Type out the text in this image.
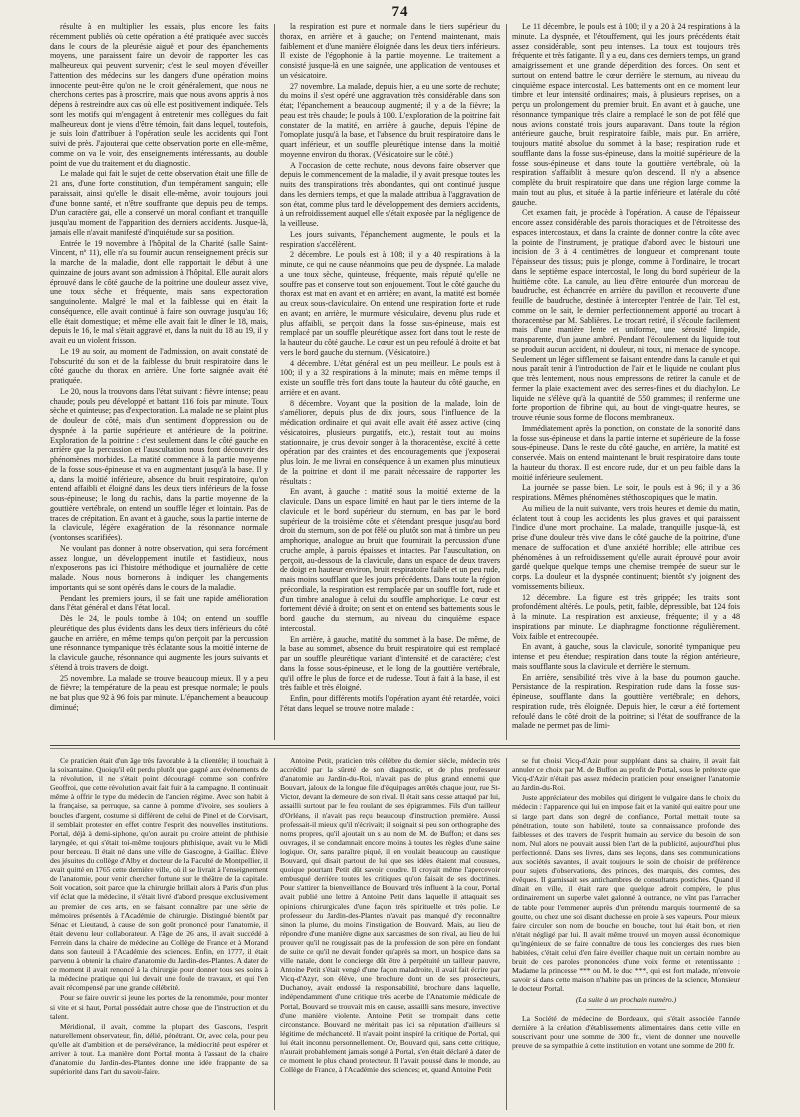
74

résulte à en multiplier les essais, plus encore les faits récemment publiés où cette opération a été pratiquée avec succès dans le cours de la pleurésie aiguë et pour des épanchements moyens, une paraissent faire un devoir de rapporter les cas malheureux qui peuvent survenir; c'est le seul moyen d'éveiller l'attention des médecins sur les dangers d'une opération moins innocente peut-être qu'on ne le croit généralement, que nous ne cherchons certes pas à proscrire, mais que nous avons appris à nos dépens à restreindre aux cas où elle est positivement indiquée. Tels sont les motifs qui m'engagent à entretenir mes collègues du fait malheureux dont je viens d'être témoin, fait dans lequel, toutefois, je suis loin d'attribuer à l'opération seule les accidents qui l'ont suivi de près. J'ajouterai que cette observation porte en elle-même, comme on va le voir, des enseignements intéressants, au double point de vue du traitement et du diagnostic.

Le malade qui fait le sujet de cette observation était une fille de 21 ans, d'une forte constitution, d'un tempérament sanguin; elle paraissait, ainsi qu'elle le disait elle-même, avoir toujours joui d'une bonne santé, et n'être souffrante que depuis peu de temps. D'un caractère gai, elle a conservé un moral confiant et tranquille jusqu'au moment de l'apparition des derniers accidents. Jusque-là, jamais elle n'avait manifesté d'inquiétude sur sa position.

Entrée le 19 novembre à l'hôpital de la Charité (salle Saint-Vincent, nº 11), elle n'a su fournir aucun renseignement précis sur la marche de la maladie, dont elle rapportait le début à une quinzaine de jours avant son admission à l'hôpital. Elle aurait alors éprouvé dans le côté gauche de la poitrine une douleur assez vive, une toux sèche et fréquente, mais sans expectoration sanguinolente. Malgré le mal et la faiblesse qui en était la conséquence, elle avait continué à faire son ouvrage jusqu'au 16; elle était domestique; et même elle avait fait le dîner le 18, mais, depuis le 16, le mal s'était aggravé et, dans la nuit du 18 au 19, il y avait eu un violent frisson.

Le 19 au soir, au moment de l'admission, on avait constaté de l'obscurité du son et de la faiblesse du bruit respiratoire dans le côté gauche du thorax en arrière. Une forte saignée avait été pratiquée.

Le 20, nous la trouvons dans l'état suivant : fièvre intense; peau chaude; pouls peu développé et battant 116 fois par minute. Toux sèche et quinteuse; pas d'expectoration. La malade ne se plaint plus de douleur de côté, mais d'un sentiment d'oppression ou de dyspnée à la partie supérieure et antérieure de la poitrine. Exploration de la poitrine : c'est seulement dans le côté gauche en arrière que la percussion et l'auscultation nous font découvrir des phénomènes morbides. La matité commence à la partie moyenne de la fosse sous-épineuse et va en augmentant jusqu'à la base. Il y a, dans la moitié inférieure, absence du bruit respiratoire, qu'on entend affaibli et éloigné dans les deux tiers inférieurs de la fosse sous-épineuse; le long du rachis, dans la partie moyenne de la gouttière vertébrale, on entend un souffle léger et lointain. Pas de traces de crépitation. En avant et à gauche, sous la partie interne de la clavicule, légère exagération de la résonnance normale (vontonses scarifiées).

Ne voulant pas donner à notre observation, qui sera forcément assez longue, un développement inutile et fastidieux, nous n'exposerons pas ici l'histoire méthodique et journalière de cette malade. Nous nous bornerons à indiquer les changements importants qui se sont opérés dans le cours de la maladie.

Pendant les premiers jours, il se fait une rapide amélioration dans l'état général et dans l'état local.

Dès le 24, le pouls tombe à 104; on entend un souffle pleurétique des plus évidents dans les deux tiers inférieurs du côté gauche en arrière, en même temps qu'on perçoit par la percussion une résonnance tympanique très éclatante sous la moitié interne de la clavicule gauche, résonnance qui augmente les jours suivants et s'étend à trois travers de doigt.

25 novembre. La malade se trouve beaucoup mieux. Il y a peu de fièvre; la température de la peau est presque normale; le pouls ne bat plus que 92 à 96 fois par minute. L'épanchement a beaucoup diminué;

la respiration est pure et normale dans le tiers supérieur du thorax, en arrière et à gauche; on l'entend maintenant, mais faiblement et d'une manière éloignée dans les deux tiers inférieurs. Il existe de l'égophonie à la partie moyenne. Le traitement a consisté jusque-là en une saignée, une application de ventouses et un vésicatoire.

27 novembre. La malade, depuis hier, a eu une sorte de rechute; du moins il s'est opéré une aggravation très considérable dans son état; l'épanchement a beaucoup augmenté; il y a de la fièvre; la peau est très chaude; le pouls à 100. L'exploration de la poitrine fait constater de la matité, en arrière à gauche, depuis l'épine de l'omoplate jusqu'à la base, et l'absence du bruit respiratoire dans le quart inférieur, et un souffle pleurétique intense dans la moitié moyenne environ du thorax. (Vésicatoire sur le côté.)

A l'occasion de cette rechute, nous devons faire observer que depuis le commencement de la maladie, il y avait presque toutes les nuits des transpirations très abondantes, qui ont continué jusque dans les derniers temps, et que la malade attribua à l'aggravation de son état, comme plus tard le développement des derniers accidents, à un refroidissement auquel elle s'était exposée par la négligence de la veilleuse.

Les jours suivants, l'épanchement augmente, le pouls et la respiration s'accélèrent.

2 décembre. Le pouls est à 108; il y a 40 respirations à la minute, ce qui ne cause néanmoins que peu de dyspnée. La malade a une toux sèche, quinteuse, fréquente, mais réputé qu'elle ne souffre pas et conserve tout son enjouement. Tout le côté gauche du thorax est mat en avant et en arrière; en avant, la matité est bornée au creux sous-claviculaire. On entend une respiration forte et rude en avant; en arrière, le murmure vésiculaire, devenu plus rude et plus affaibli, se perçoit dans la fosse sus-épineuse, mais est remplacé par un souffle pleurétique assez fort dans tout le reste de la hauteur du côté gauche. Le cœur est un peu refoulé à droite et bat vers le bord gauche du sternum. (Vésicatoire.)

4 décembre. L'état général est un peu meilleur. Le pouls est à 100; il y a 32 respirations à la minute; mais en même temps il existe un souffle très fort dans toute la hauteur du côté gauche, en arrière et en avant.

8 décembre. Voyant que la position de la malade, loin de s'améliorer, depuis plus de dix jours, sous l'influence de la médication ordinaire et qui avait elle avait été assez active (cinq vésicatoires, plusieurs purgatifs, etc.), restait tout au moins stationnaire, je crus devoir songer à la thoracentèse, excité à cette opération par des craintes et des encouragements que j'exposerai plus loin. Je me livrai en conséquence à un examen plus minutieux de la poitrine et dont il me parait nécessaire de rapporter les résultats :

En avant, à gauche : matité sous la moitié externe de la clavicule. Dans un espace limité en haut par le tiers interne de la clavicule et le bord supérieur du sternum, en bas par le bord supérieur de la troisième côte et s'étendant presque jusqu'au bord droit du sternum, son de pot fêlé ou plutôt son mat à timbre un peu amphorique, analogue au bruit que fournirait la percussion d'une cruche ample, à parois épaisses et intactes. Par l'auscultation, on perçoit, au-dessous de la clavicule, dans un espace de deux travers de doigt en hauteur environ, bruit respiratoire faible et un peu rude, mais moins soufflant que les jours précédents. Dans toute la région précordiale, la respiration est remplacée par un souffle fort, rude et d'un timbre analogue à celui du souffle amphorique. Le cœur est fortement dévié à droite; on sent et on entend ses battements sous le bord gauche du sternum, au niveau du cinquième espace intercostal.

En arrière, à gauche, matité du sommet à la base. De même, de la base au sommet, absence du bruit respiratoire qui est remplacé par un souffle pleurétique variant d'intensité et de caractère; c'est dans la fosse sous-épineuse, et le long de la gouttière vertébrale, qu'il offre le plus de force et de rudesse. Tout à fait à la base, il est très faible et très éloigné.

Enfin, pour différents motifs l'opération ayant été retardée, voici l'état dans lequel se trouve notre malade :

Le 11 décembre, le pouls est à 100; il y a 20 à 24 respirations à la minute. La dyspnée, et l'étouffement, qui les jours précédents était assez considérable, sont peu intenses. La toux est toujours très fréquente et très fatigante. Il y a eu, dans ces derniers temps, un grand amaigrissement et une grande déperdition des forces. On sent et surtout on entend battre le cœur derrière le sternum, au niveau du cinquième espace intercostal. Les battements ont en ce moment leur timbre et leur intensité ordinaires; mais, à plusieurs reprises, on a perçu un prolongement du premier bruit. En avant et à gauche, une résonnance tympanique très claire a remplacé le son de pot fêlé que nous avions constaté trois jours auparavant. Dans toute la région antérieure gauche, bruit respiratoire faible, mais pur. En arrière, toujours matité absolue du sommet à la base; respiration rude et soufflante dans la fosse sus-épineuse, dans la moitié supérieure de la fosse sous-épineuse et dans toute la gouttière vertébrale, où la respiration s'affaiblit à mesure qu'on descend. Il n'y a absence complète du bruit respiratoire que dans une région large comme la main tout au plus, et située à la partie inférieure et latérale du côté gauche.

Cet examen fait, je procède à l'opération. A cause de l'épaisseur encore assez considérable des parois thoraciques et de l'étroitesse des espaces intercostaux, et dans la crainte de donner contre la côte avec la pointe de l'instrument, je pratique d'abord avec le bistouri une incision de 3 à 4 centimètres de longueur et comprenant toute l'épaisseur des tissus; puis je plonge, comme à l'ordinaire, le trocart dans le septième espace intercostal, le long du bord supérieur de la huitième côte. La canule, au lieu d'être entourée d'un morceau de baudruche, est échancrée en arrière du pavillon et recouverte d'une feuille de baudruche, destinée à intercepter l'entrée de l'air. Tel est, comme on le sait, le dernier perfectionnement apporté au trocart à thoracentèse par M. Sablières. Le trocart retiré, il s'écoule facilement mais d'une manière lente et uniforme, une sérosité limpide, transparente, d'un jaune ambré. Pendant l'écoulement du liquide tout se produit aucun accident, ni douleur, ni toux, ni menace de syncope. Seulement un léger sifflement se faisant entendre dans la canule et qui nous paraît tenir à l'introduction de l'air et le liquide ne coulant plus que très lentement, nous nous empressons de retirer la canule et de fermer la plaie exactement avec des serres-fines et du diachylon. Le liquide ne s'élève qu'à la quantité de 550 grammes; il renferme une forte proportion de fibrine qui, au bout de vingt-quatre heures, se trouve réunie sous forme de flocons membraneux.

Immédiatement après la ponction, on constate de la sonorité dans la fosse sus-épineuse et dans la partie interne et supérieure de la fosse sous-épineuse. Dans le reste du côté gauche, en arrière, la matité est conservée. Mais on entend maintenant le bruit respiratoire dans toute la hauteur du thorax. Il est encore rude, dur et un peu faible dans la moitié inférieure seulement.

La journée se passe bien. Le soir, le pouls est à 96; il y a 36 respirations. Mêmes phénomènes stéthoscopiques que le matin.

Au milieu de la nuit suivante, vers trois heures et demie du matin, éclatent tout à coup les accidents les plus graves et qui paraissent l'indice d'une mort prochaine. La malade, tranquille jusque-là, est prise d'une douleur très vive dans le côté gauche de la poitrine, d'une menace de suffocation et d'une anxiété horrible; elle attribue ces phénomènes à un refroidissement qu'elle aurait éprouvé pour avoir gardé quelque quelque temps une chemise trempée de sueur sur le corps. La douleur et la dyspnée continuent; bientôt s'y joignent des vomissements bilieux.

12 décembre. La figure est très grippée; les traits sont profondément altérés. Le pouls, petit, faible, dépressible, bat 124 fois à la minute. La respiration est anxieuse, fréquente; il y a 48 inspirations par minute. Le diaphragme fonctionne régulièrement. Voix faible et entrecoupée.

En avant, à gauche, sous la clavicule, sonorité tympanique peu intense et peu étendue; respiration dans toute la région antérieure, mais soufflante sous la clavicule et derrière le sternum.

En arrière, sensibilité très vive à la base du poumon gauche. Persistance de la respiration. Respiration rude dans la fosse sus-épineuse, soufflante dans la gouttière vertébrale; en dehors, respiration rude, très éloignée. Depuis hier, le cœur a été fortement refoulé dans le côté droit de la poitrine; si l'état de souffrance de la malade ne permet pas de limi-

Ce praticien était d'un âge très favorable à la clientèle; il touchait à la soixantaine. Quoiqu'il eût perdu plutôt que gagné aux événements de la révolution, il ne s'était point découragé comme son confrère Geoffroi, que cette révolution avait fait fuir à la campagne. Il continuait même à offrir le type du médecin de l'ancien régime. Avec son habit à la française, sa perruque, sa canne à pomme d'ivoire, ses souliers à boucles d'argent, costume si différent de celui de Pinel et de Corvisart, il semblait protester en effet contre l'esprit des nouvelles institutions. Portal, déjà à demi-siphone, qu'on aurait pu croire atteint de phthisie laryngée, et qui s'était toi-même toujours phthisique, avait vu le Midi pour berceau. Il était né dans une ville de Gascogne, à Gaillac. Élève des jésuites du collège d'Alby et docteur de la Faculté de Montpellier, il avait quitté en 1765 cette dernière ville, où il se livrait à l'enseignement de l'anatomie, pour venir chercher fortune sur le théâtre de la capitale. Soit vocation, soit parce que la chirurgie brillait alors à Paris d'un plus vif éclat que la médecine, il s'était livré d'abord presque exclusivement au premier de ces arts, en se faisant connaître par une série de mémoires présentés à l'Académie de chirurgie. Distingué bientôt par Sénac et Lieutaud, à cause de son goût prononcé pour l'anatomie, il était devenu leur collaborateur. A l'âge de 26 ans, il avait succédé à Ferrein dans la chaire de médecine au Collège de France et à Morand dans son fauteuil à l'Académie des sciences. Enfin, en 1777, il était parvenu à obtenir la chaire d'anatomie du Jardin-des-Plantes. A dater de ce moment il avait renoncé à la chirurgie pour donner tous ses soins à la médecine pratique qui lui devait une foule de travaux, et qui l'en avait récompensé par une grande célébrité.

Pour se faire ouvrir si jeune les portes de la renommée, pour monter si vite et si haut, Portal possédait autre chose que de l'instruction et du talent.

Méridional, il avait, comme la plupart des Gascons, l'esprit naturellement observateur, fin, délié, pénétrant. Or, avec cela, pour peu qu'elle ait d'ambition et de persévérance, la médiocrité peut espérer et arriver à tout. La manière dont Portal monta à l'assaut de la chaire d'anatomie du Jardin-des-Plantes donne une idée frappante de sa supériorité dans l'art du savoir-faire.

Antoine Petit, praticien très célèbre du dernier siècle, médecin très accrédité par la sûreté de son diagnostic, et de plus professeur d'anatomie au Jardin-du-Roi, n'avait pas de plus grand ennemi que Bouvart, jaloux de la longue file d'équipages arrêtés chaque jour, rue St-Victor, devant la demeure de son rival. Il était sans cesse attaqué par lui, assailli surtout par le feu roulant de ses épigrammes. Fils d'un tailleur d'Orléans, il n'avait pas reçu beaucoup d'instruction première. Aussi professait-il mieux qu'il n'écrivait; il soignait si peu son orthographe des noms propres, qu'il ajoutait un s au nom de M. de Buffon; et dans ses ouvrages, il se condamnait encore moins à toutes les règles d'une saine logique. Or, sans paraître piqué, il en voulait beaucoup au caustique Bouvard, qui disait partout de lui que ses idées étaient mal cousues, quoique pourtant Petit dût savoir coudre. Il croyait même l'apercevoir embusqué derrière toutes les critiques qu'on faisait de ses doctrines. Pour s'attirer la bienveillance de Bouvard très influent à la cour, Portal avait publié une lettre à Antoine Petit dans laquelle il attaquait ses opinions chirurgicales d'une façon très spirituelle et très polie. Le professeur du Jardin-des-Plantes n'avait pas manqué d'y reconnaître sinon la plume, du moins l'instigation de Bouvard. Mais, au lieu de répondre d'une manière digne aux sarcasmes de son rival, au lieu de lui prouver qu'il ne rougissait pas de la profession de son père en fondant de suite ce qu'il ne devait fonder qu'après sa mort, un hospice dans sa ville natale, dont le concierge dût être à perpétuité un tailleur pauvre, Antoine Petit s'était vengé d'une façon maladroite, il avait fait écrire par Vicq-d'Azyr, son élève, une brochure dont un de ses prosecteurs, Duchanoy, avait endossé la responsabilité, brochure dans laquelle, indépendamment d'une critique très acerbe de l'Anatomie médicale de Portal, Bouvard se trouvait mis en cause, assailli sans mesure, invective d'une manière violente. Antoine Petit se trompait dans cette circonstance. Bouvard ne méritait pas ici sa réputation d'ailleurs si légitime de méchanceté. Il n'avait point inspiré la critique de Portal, qui lui était inconnu personnellement. Or, Bouvard qui, sans cette critique, n'aurait probablement jamais songé à Portal, s'en était déclaré à dater de ce moment le plus chaud protecteur. Il l'avait poussé dans le monde, au Collège de France, à l'Académie des sciences; et, quand Antoine Petit

se fut choisi Vicq-d'Azir pour suppléant dans sa chaire, il avait fait annuler ce choix par M. de Buffon au profit de Portal, sous le prétexte que Vicq-d'Azir n'était pas assez médecin praticien pour enseigner l'anatomie au Jardin-du-Roi.

Juste appréciateur des mobiles qui dirigent le vulgaire dans le choix du médecin : l'apparence qui lui en impose fait et la vanité qui eaitre pour une si large part dans son degré de confiance, Portal mettait toute sa pénétration, toute son habileté, toute sa connaissance profonde des faiblesses et des travers de l'esprit humain au service du besoin de son nom. Nul alors ne pouvait aussi bien l'art de la publicité, aujourd'hui plus perfectionné. Dans ses livres, dans ses leçons, dans ses communications aux sociétés savantes, il avait toujours le soin de choisir de préférence pour sujets d'observations, des princes, des marquis, des comtes, des évêques. Il garnissait ses antichambres de consultants postiches. Quand il dînait en ville, il était rare que quelque adroit compère, le plus ordinairement un superbe valet galonné à outrance, ne vînt pas l'arracher de table pour l'emmener auprès d'un prétendu marquis tourmenté de sa goutte, ou chez une soi disant duchesse en proie à ses vapeurs. Pour mieux faire circuler son nom de bouche en bouche, tout lui était bon, et rien n'était négligé par lui. Il avait même trouvé un moyen aussi économique qu'ingénieux de se faire connaître de tous les concierges des rues bien habitées, c'était celui d'en faire éveiller chaque nuit un certain nombre au bruit de ces paroles prononcées d'une voix ferme et retentissante : Madame la princesse *** ou M. le duc ***, qui est fort malade, m'envoie savoir si dans cette maison n'habite pas un princes de la science, Monsieur le docteur Portal.

(La suite à un prochain numéro.)

La Société de médecine de Bordeaux, qui s'était associée l'année dernière à la création d'établissements alimentaires dans cette ville en souscrivant pour une somme de 300 fr., vient de donner une nouvelle preuve de sa sympathie à cette institution en votant une somme de 200 fr.
